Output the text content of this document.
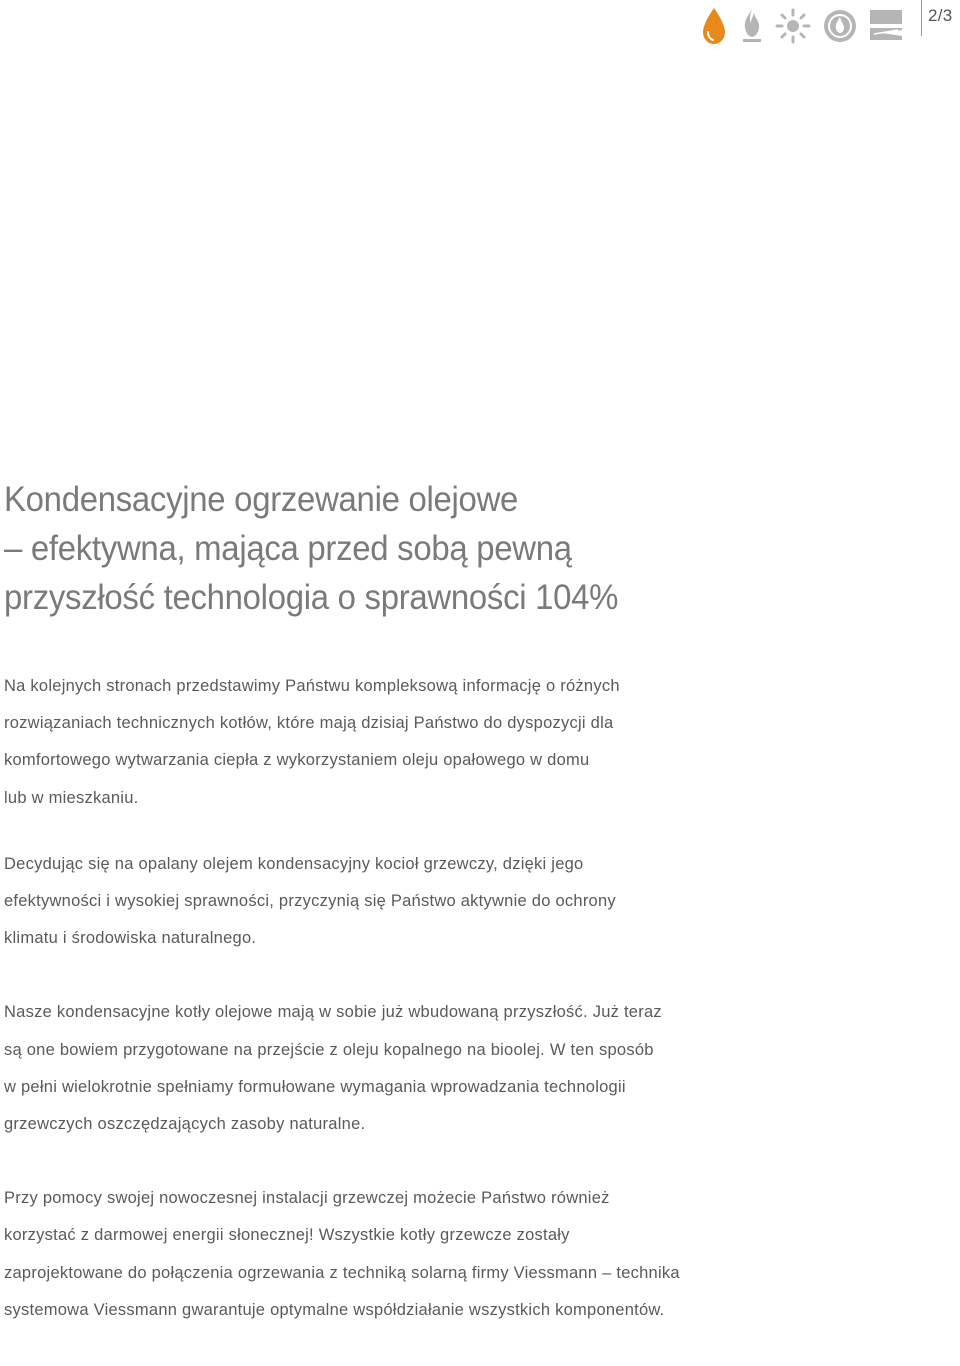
2/3
Kondensacyjne ogrzewanie olejowe
– efektywna, mająca przed sobą pewną
przyszłość technologia o sprawności 104%

Na kolejnych stronach przedstawimy Państwu kompleksową informację o różnych
rozwiązaniach technicznych kotłów, które mają dzisiaj Państwo do dyspozycji dla
komfortowego wytwarzania ciepła z wykorzystaniem oleju opałowego w domu
lub w mieszkaniu.

Decydując się na opalany olejem kondensacyjny kocioł grzewczy, dzięki jego
efektywności i wysokiej sprawności, przyczynią się Państwo aktywnie do ochrony
klimatu i środowiska naturalnego.

Nasze kondensacyjne kotły olejowe mają w sobie już wbudowaną przyszłość. Już teraz
są one bowiem przygotowane na przejście z oleju kopalnego na bioolej. W ten sposób
w pełni wielokrotnie spełniamy formułowane wymagania wprowadzania technologii
grzewczych oszczędzających zasoby naturalne.

Przy pomocy swojej nowoczesnej instalacji grzewczej możecie Państwo również
korzystać z darmowej energii słonecznej! Wszystkie kotły grzewcze zostały
zaprojektowane do połączenia ogrzewania z techniką solarną firmy Viessmann – technika
systemowa Viessmann gwarantuje optymalne współdziałanie wszystkich komponentów.
